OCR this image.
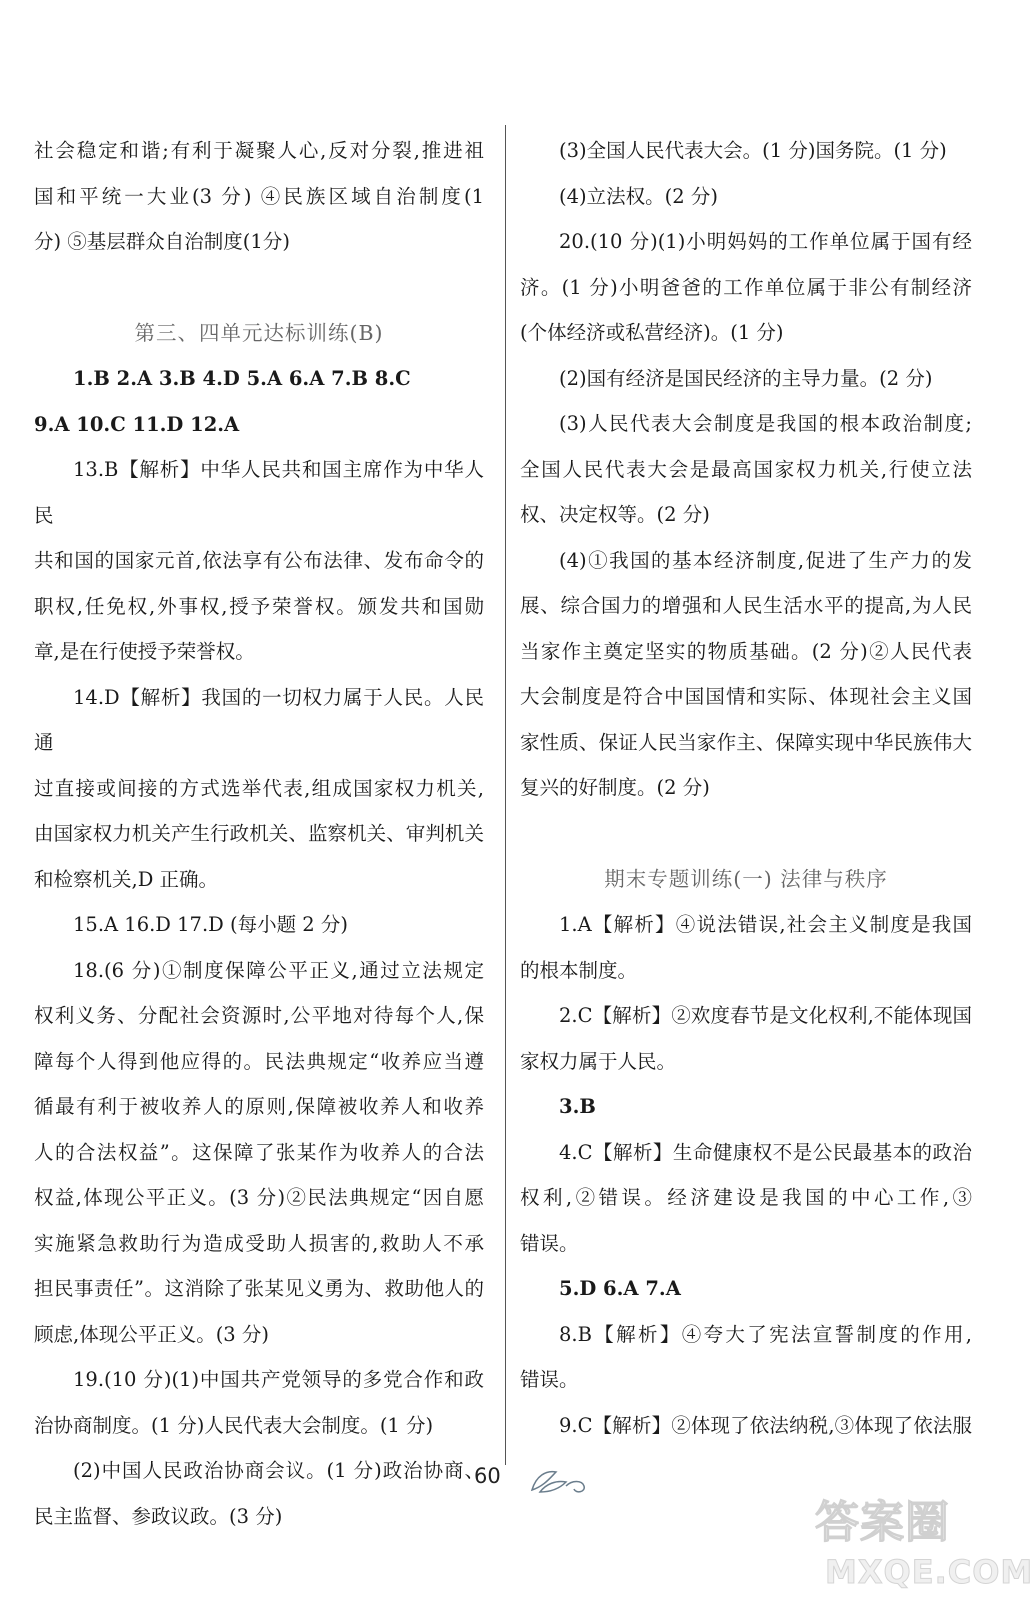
社会稳定和谐;有利于凝聚人心,反对分裂,推进祖

国和平统一大业(3 分) ④民族区域自治制度(1

分) ⑤基层群众自治制度(1分)

第三、四单元达标训练(B)

1.B 2.A 3.B 4.D 5.A 6.A 7.B 8.C

9.A 10.C 11.D 12.A

13.B【解析】中华人民共和国主席作为中华人民

共和国的国家元首,依法享有公布法律、发布命令的

职权,任免权,外事权,授予荣誉权。颁发共和国勋

章,是在行使授予荣誉权。

14.D【解析】我国的一切权力属于人民。人民通

过直接或间接的方式选举代表,组成国家权力机关,

由国家权力机关产生行政机关、监察机关、审判机关

和检察机关,D 正确。

15.A 16.D 17.D (每小题 2 分)

18.(6 分)①制度保障公平正义,通过立法规定

权利义务、分配社会资源时,公平地对待每个人,保

障每个人得到他应得的。民法典规定“收养应当遵

循最有利于被收养人的原则,保障被收养人和收养

人的合法权益”。这保障了张某作为收养人的合法

权益,体现公平正义。(3 分)②民法典规定“因自愿

实施紧急救助行为造成受助人损害的,救助人不承

担民事责任”。这消除了张某见义勇为、救助他人的

顾虑,体现公平正义。(3 分)

19.(10 分)(1)中国共产党领导的多党合作和政

治协商制度。(1 分)人民代表大会制度。(1 分)

(2)中国人民政治协商会议。(1 分)政治协商、

民主监督、参政议政。(3 分)

(3)全国人民代表大会。(1 分)国务院。(1 分)

(4)立法权。(2 分)

20.(10 分)(1)小明妈妈的工作单位属于国有经

济。(1 分)小明爸爸的工作单位属于非公有制经济

(个体经济或私营经济)。(1 分)

(2)国有经济是国民经济的主导力量。(2 分)

(3)人民代表大会制度是我国的根本政治制度;

全国人民代表大会是最高国家权力机关,行使立法

权、决定权等。(2 分)

(4)①我国的基本经济制度,促进了生产力的发

展、综合国力的增强和人民生活水平的提高,为人民

当家作主奠定坚实的物质基础。(2 分)②人民代表

大会制度是符合中国国情和实际、体现社会主义国

家性质、保证人民当家作主、保障实现中华民族伟大

复兴的好制度。(2 分)

期末专题训练(一) 法律与秩序

1.A【解析】④说法错误,社会主义制度是我国

的根本制度。

2.C【解析】②欢度春节是文化权利,不能体现国

家权力属于人民。

3.B

4.C【解析】生命健康权不是公民最基本的政治

权利,②错误。经济建设是我国的中心工作,③

错误。

5.D 6.A 7.A

8.B【解析】④夸大了宪法宣誓制度的作用,

错误。

9.C【解析】②体现了依法纳税,③体现了依法服

60
答案圈
MXQE.COM
